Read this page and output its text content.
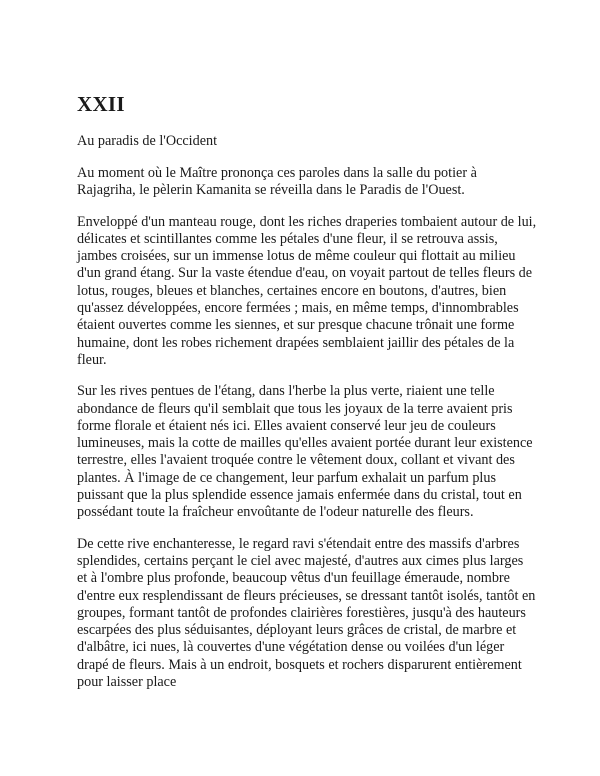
XXII

Au paradis de l'Occident

Au moment où le Maître prononça ces paroles dans la salle du potier à Rajagriha, le pèlerin Kamanita se réveilla dans le Paradis de l'Ouest.

Enveloppé d'un manteau rouge, dont les riches draperies tombaient autour de lui, délicates et scintillantes comme les pétales d'une fleur, il se retrouva assis, jambes croisées, sur un immense lotus de même couleur qui flottait au milieu d'un grand étang. Sur la vaste étendue d'eau, on voyait partout de telles fleurs de lotus, rouges, bleues et blanches, certaines encore en boutons, d'autres, bien qu'assez développées, encore fermées ; mais, en même temps, d'innombrables étaient ouvertes comme les siennes, et sur presque chacune trônait une forme humaine, dont les robes richement drapées semblaient jaillir des pétales de la fleur.

Sur les rives pentues de l'étang, dans l'herbe la plus verte, riaient une telle abondance de fleurs qu'il semblait que tous les joyaux de la terre avaient pris forme florale et étaient nés ici. Elles avaient conservé leur jeu de couleurs lumineuses, mais la cotte de mailles qu'elles avaient portée durant leur existence terrestre, elles l'avaient troquée contre le vêtement doux, collant et vivant des plantes. À l'image de ce changement, leur parfum exhalait un parfum plus puissant que la plus splendide essence jamais enfermée dans du cristal, tout en possédant toute la fraîcheur envoûtante de l'odeur naturelle des fleurs.

De cette rive enchanteresse, le regard ravi s'étendait entre des massifs d'arbres splendides, certains perçant le ciel avec majesté, d'autres aux cimes plus larges et à l'ombre plus profonde, beaucoup vêtus d'un feuillage émeraude, nombre d'entre eux resplendissant de fleurs précieuses, se dressant tantôt isolés, tantôt en groupes, formant tantôt de profondes clairières forestières, jusqu'à des hauteurs escarpées des plus séduisantes, déployant leurs grâces de cristal, de marbre et d'albâtre, ici nues, là couvertes d'une végétation dense ou voilées d'un léger drapé de fleurs. Mais à un endroit, bosquets et rochers disparurent entièrement pour laisser place
